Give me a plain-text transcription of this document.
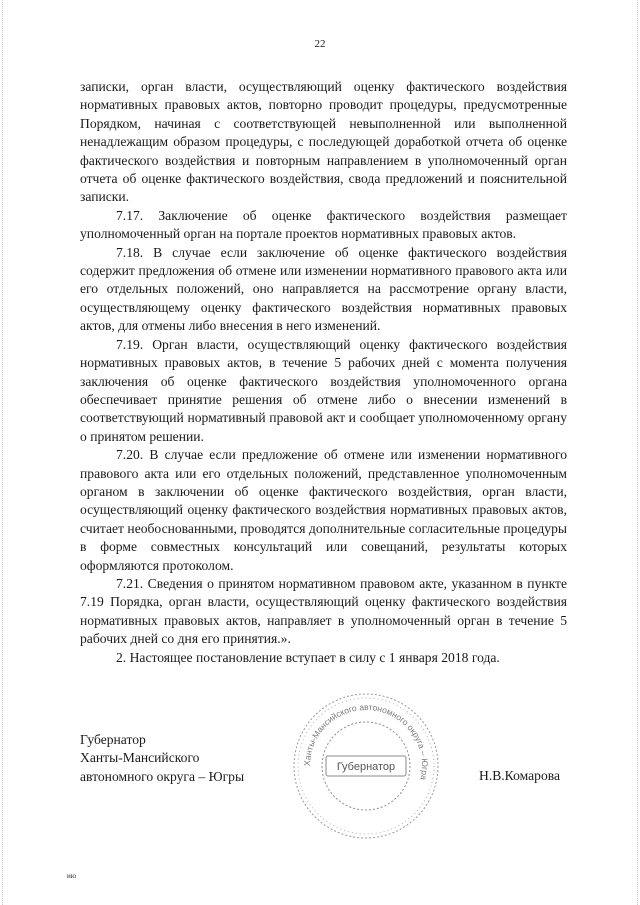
22

записки, орган власти, осуществляющий оценку фактического воздействия нормативных правовых актов, повторно проводит процедуры, предусмотренные Порядком, начиная с соответствующей невыполненной или выполненной ненадлежащим образом процедуры, с последующей доработкой отчета об оценке фактического воздействия и повторным направлением в уполномоченный орган отчета об оценке фактического воздействия, свода предложений и пояснительной записки.

7.17. Заключение об оценке фактического воздействия размещает уполномоченный орган на портале проектов нормативных правовых актов.

7.18. В случае если заключение об оценке фактического воздействия содержит предложения об отмене или изменении нормативного правового акта или его отдельных положений, оно направляется на рассмотрение органу власти, осуществляющему оценку фактического воздействия нормативных правовых актов, для отмены либо внесения в него изменений.

7.19. Орган власти, осуществляющий оценку фактического воздействия нормативных правовых актов, в течение 5 рабочих дней с момента получения заключения об оценке фактического воздействия уполномоченного органа обеспечивает принятие решения об отмене либо о внесении изменений в соответствующий нормативный правовой акт и сообщает уполномоченному органу о принятом решении.

7.20. В случае если предложение об отмене или изменении нормативного правового акта или его отдельных положений, представленное уполномоченным органом в заключении об оценке фактического воздействия, орган власти, осуществляющий оценку фактического воздействия нормативных правовых актов, считает необоснованными, проводятся дополнительные согласительные процедуры в форме совместных консультаций или совещаний, результаты которых оформляются протоколом.

7.21. Сведения о принятом нормативном правовом акте, указанном в пункте 7.19 Порядка, орган власти, осуществляющий оценку фактического воздействия нормативных правовых актов, направляет в уполномоченный орган в течение 5 рабочих дней со дня его принятия.».

2. Настоящее постановление вступает в силу с 1 января 2018 года.

Губернатор
Ханты-Мансийского
автономного округа – Югры
Ханты-Мансийского автономного округа – Югра
Губернатор
Н.В.Комарова
ию
